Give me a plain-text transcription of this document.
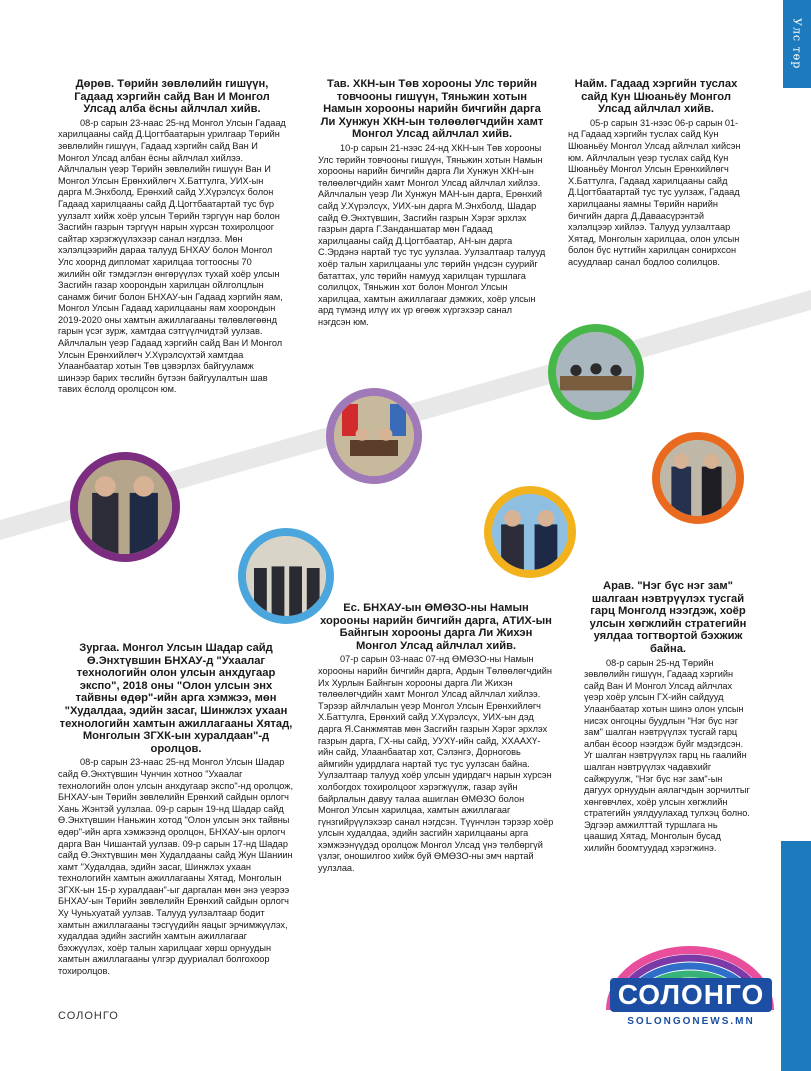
Улс төр
Дөрөв. Төрийн зөвлөлийн гишүүн, Гадаад хэргийн сайд Ван И Монгол Улсад алба ёсны айлчлал хийв.

08-р сарын 23-наас 25-нд Монгол Улсын Гадаад харилцааны сайд Д.Цогтбаатарын урилгаар Төрийн зөвлөлийн гишүүн, Гадаад хэргийн сайд Ван И Монгол Улсад албан ёсны айлчлал хийлээ. Айлчлалын үеэр Төрийн зөвлөлийн гишүүн Ван И Монгол Улсын Ерөнхийлөгч Х.Баттулга, УИХ-ын дарга М.Энхболд, Ерөнхий сайд У.Хүрэлсүх болон Гадаад харилцааны сайд Д.Цогтбаатартай тус бүр уулзалт хийж хоёр улсын Төрийн тэргүүн нар болон Засгийн газрын тэргүүн нарын хүрсэн тохиролцоог сайтар хэрэгжүүлэхээр санал нэгдлээ. Мөн хэлэлцээрийн дараа талууд БНХАУ болон Монгол Улс хоорнд дипломат харилцаа тогтоосны 70 жилийн ойг тэмдэглэн өнгөрүүлэх тухай хоёр улсын Засгийн газар хоорондын харилцан ойлголцлын санамж бичиг болон БНХАУ-ын Гадаад хэргийн яам, Монгол Улсын Гадаад харилцааны яам хоорондын 2019-2020 оны хамтын ажиллагааны төлөвлөгөөнд гарын үсэг зурж, хамтдаа сэтгүүлчидтэй уулзав. Айлчлалын үеэр Гадаад хэргийн сайд Ван И Монгол Улсын Ерөнхийлөгч У.Хүрэлсүхтэй хамтдаа Улаанбаатар хотын Төв цэвэрлэх байгууламж шинээр барих төслийн бүтээн байгуулалтын шав тавих ёслолд оролцсон юм.

Тав. ХКН-ын Төв хорооны Улс төрийн товчооны гишүүн, Тяньжин хотын Намын хорооны нарийн бичгийн дарга Ли Хунжун ХКН-ын төлөөлөгчдийн хамт Монгол Улсад айлчлал хийв.

10-р сарын 21-нээс 24-нд ХКН-ын Төв хорооны Улс төрийн товчооны гишүүн, Тяньжин хотын Намын хорооны нарийн бичгийн дарга Ли Хунжун ХКН-ын төлөөлөгчдийн хамт Монгол Улсад айлчлал хийлээ. Айлчлалын үеэр Ли Хунжун МАН-ын дарга, Ерөнхий сайд У.Хүрэлсүх, УИХ-ын дарга М.Энхболд, Шадар сайд Ө.Энхтүвшин, Засгийн газрын Хэрэг эрхлэх газрын дарга Г.Занданшатар мөн Гадаад харилцааны сайд Д.Цогтбаатар, АН-ын дарга С.Эрдэнэ нартай тус тус уулзлаа. Уулзалтаар талууд хоёр талын харилцааны улс төрийн үндсэн суурийг бататтах, улс төрийн намууд харилцан туршлага солилцох, Тяньжин хот болон Монгол Улсын харилцаа, хамтын ажиллагааг дэмжих, хоёр улсын ард түмэнд илүү их үр өгөөж хүргэхээр санал нэгдсэн юм.

Найм. Гадаад хэргийн туслах сайд Кун Шюаньёу Монгол Улсад айлчлал хийв.

05-р сарын 31-нээс 06-р сарын 01-нд Гадаад хэргийн туслах сайд Кун Шюаньёу Монгол Улсад айлчлал хийсэн юм. Айлчлалын үеэр туслах сайд Кун Шюаньёу Монгол Улсын Ерөнхийлөгч Х.Баттулга, Гадаад харилцааны сайд Д.Цогтбаатартай тус тус уулзаж, Гадаад харилцааны яамны Төрийн нарийн бичгийн дарга Д.Даваасүрэнтэй хэлэлцээр хийлээ. Талууд уулзалтаар Хятад, Монголын харилцаа, олон улсын болон бүс нутгийн харилцан сонирхсон асуудлаар санал бодлоо солилцов.

Зургаа. Монгол Улсын Шадар сайд Ө.Энхтүвшин БНХАУ-д "Ухаалаг технологийн олон улсын анхдугаар экспо", 2018 оны "Олон улсын энх тайвны өдөр"-ийн арга хэмжээ, мөн "Худалдаа, эдийн засаг, Шинжлэх ухаан технологийн хамтын ажиллагааны Хятад, Монголын ЗГХК-ын хуралдаан"-д оролцов.

08-р сарын 23-наас 25-нд Монгол Улсын Шадар сайд Ө.Энхтүвшин Чунчин хотноо "Ухаалаг технологийн олон улсын анхдугаар экспо"-нд оролцож, БНХАУ-ын Төрийн зөвлөлийн Ерөнхий сайдын орлогч Хань Жэнтэй уулзлаа. 09-р сарын 19-нд Шадар сайд Ө.Энхтүвшин Наньжин хотод "Олон улсын энх тайвны өдөр"-ийн арга хэмжээнд оролцон, БНХАУ-ын орлогч дарга Ван Чишантай уулзав. 09-р сарын 17-нд Шадар сайд Ө.Энхтүвшин мөн Худалдааны сайд Жун Шаниин хамт "Худалдаа, эдийн засаг, Шинжлэх ухаан технологийн хамтын ажиллагааны Хятад, Монголын ЗГХК-ын 15-р хуралдаан"-ыг даргалан мөн энэ үеэрээ БНХАУ-ын Төрийн зөвлөлийн Ерөнхий сайдын орлогч Ху Чуньхуатай уулзав. Талууд уулзалтаар бодит хамтын ажиллагааны тэсгүүдийн яацыг эрчимжүүлэх, худалдаа эдийн засгийн хамтын ажиллагааг бэхжүүлэх, хоёр талын харилцааг хөрш орнуудын хамтын ажиллагааны үлгэр дууриалал болгохоор тохиролцов.

Ес. БНХАУ-ын ӨМӨЗО-ны Намын хорооны нарийн бичгийн дарга, АТИХ-ын Байнгын хорооны дарга Ли Жихэн Монгол Улсад айлчлал хийв.

07-р сарын 03-наас 07-нд ӨМӨЗО-ны Намын хорооны нарийн бичгийн дарга, Ардын Төлөөлөгчдийн Их Хурлын Байнгын хорооны дарга Ли Жихэн төлөөлөгчдийн хамт Монгол Улсад айлчлал хийлээ. Тэрээр айлчлалын үеэр Монгол Улсын Ерөнхийлөгч Х.Баттулга, Ерөнхий сайд У.Хүрэлсүх, УИХ-ын дэд дарга Я.Санжмятав мөн Засгийн газрын Хэрэг эрхлэх газрын дарга, ГХ-ны сайд, УУХҮ-ийн сайд, ХХААХҮ-ийн сайд, Улаанбаатар хот, Сэлэнгэ, Дорноговь аймгийн удирдлага нартай тус тус уулзсан байна. Уулзалтаар талууд хоёр улсын удирдагч нарын хүрсэн холбогдох тохиролцоог хэрэгжүүлж, газар зүйн байрлалын давуу талаа ашиглан ӨМӨЗО болон Монгол Улсын харилцаа, хамтын ажиллагааг гүнзгийрүүлэхээр санал нэгдсэн. Түүнчлэн тэрээр хоёр улсын худалдаа, эдийн засгийн харилцааны арга хэмжээнүүдэд оролцож Монгол Улсад үнэ төлбөргүй үзлэг, оношилгоо хийж буй ӨМӨЗО-ны эмч нартай уулзлаа.

Арав. "Нэг бүс нэг зам" шалгаан нэвтрүүлэх тусгай гарц Монголд нээгдэж, хоёр улсын хөгжлийн стратегийн уялдаа тогтвортой бэхжиж байна.

08-р сарын 25-нд Төрийн зөвлөлийн гишүүн, Гадаад хэргийн сайд Ван И Монгол Улсад айлчлах үеэр хоёр улсын ГХ-ийн сайдууд Улаанбаатар хотын шинэ олон улсын нисэх онгоцны буудлын "Нэг бүс нэг зам" шалган нэвтрүүлэх тусгай гарц албан ёсоор нээгдэж буйг мэдэгдсэн. Уг шалган нэвтрүүлэх гарц нь гаалийн шалган нэвтрүүлэх чадавхийг сайжруулж, "Нэг бүс нэг зам"-ын дагуух орнуудын аялагчдын зорчилтыг хөнгөвчлөх, хоёр улсын хөгжлийн стратегийн уялдуулахад тулхэц болно. Эдгээр амжилттай туршлага нь цаашид Хятад, Монголын бусад хилийн боомтуудад хэрэгжинэ.

СОЛОНГО
СОЛОНГО
SOLONGONEWS.MN
